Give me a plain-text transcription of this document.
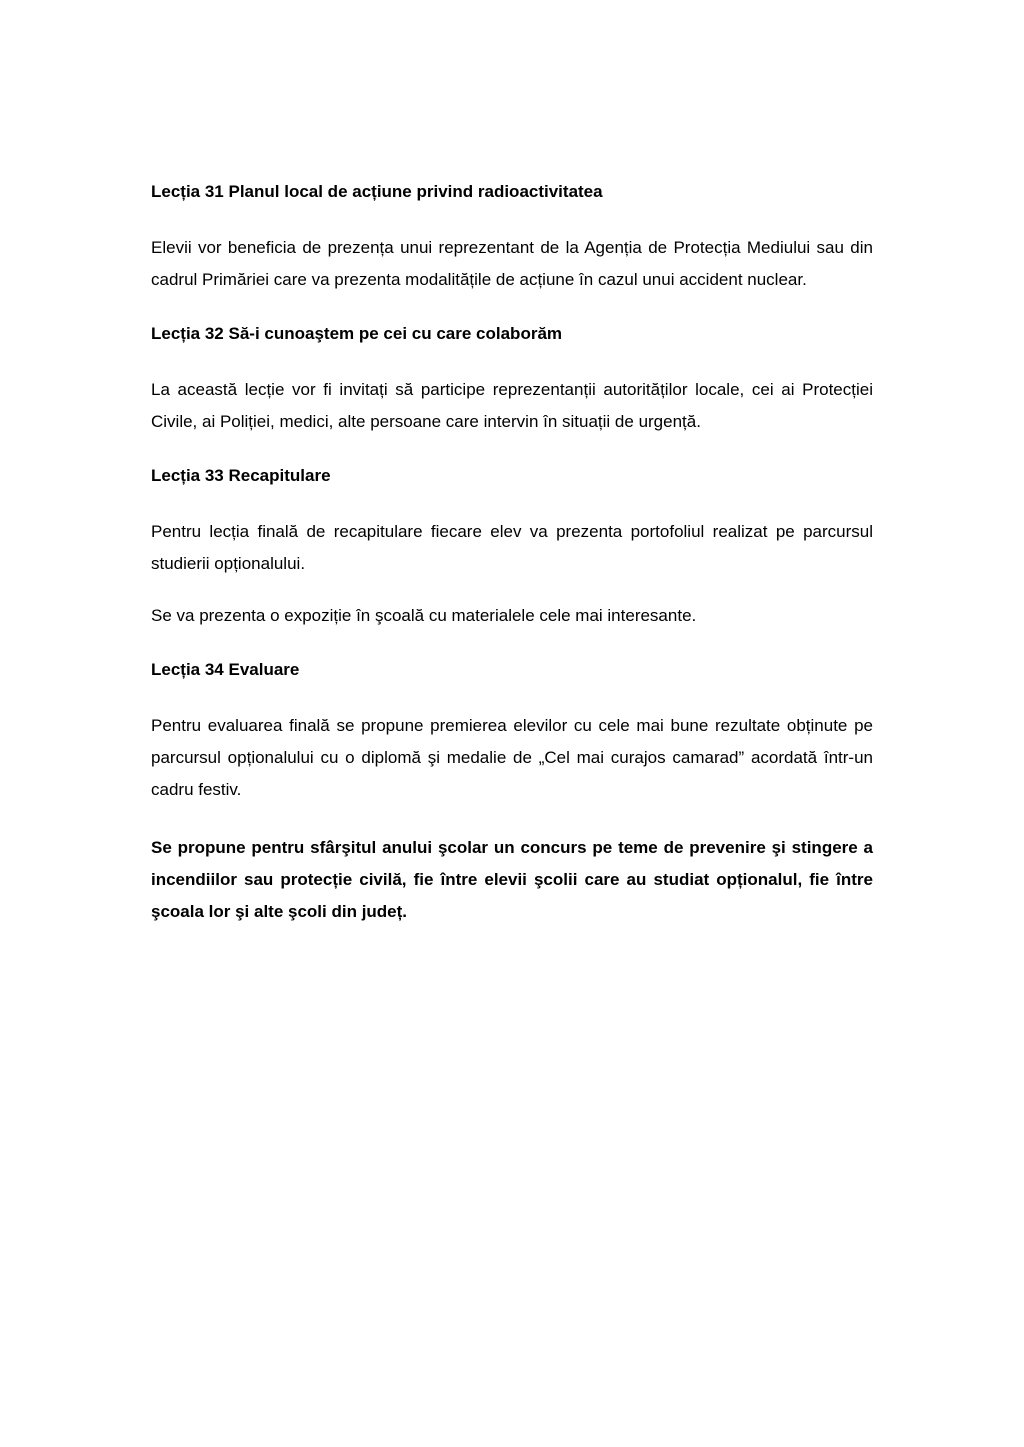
Lecția 31 Planul local de acțiune privind radioactivitatea

Elevii vor beneficia de prezența unui reprezentant de la Agenția de Protecția Mediului sau din cadrul Primăriei care va prezenta modalitățile de acțiune în cazul unui accident nuclear.

Lecția 32 Să-i cunoaştem pe cei cu care colaborăm

La această lecție vor fi invitați să participe reprezentanții autorităților locale, cei ai Protecției Civile, ai Poliției, medici, alte persoane care intervin în situații de urgență.

Lecția 33 Recapitulare

Pentru lecția finală de recapitulare fiecare elev va prezenta portofoliul realizat pe parcursul studierii opționalului.

Se va prezenta o expoziție în şcoală cu materialele cele mai interesante.

Lecția 34 Evaluare

Pentru evaluarea finală se propune premierea elevilor cu cele mai bune rezultate obținute pe parcursul opționalului cu o diplomă şi medalie de „Cel mai curajos camarad” acordată într-un cadru festiv.

Se propune pentru sfârşitul anului şcolar un concurs pe teme de prevenire şi stingere a incendiilor sau protecție civilă, fie între elevii şcolii care au studiat opționalul, fie între şcoala lor şi alte şcoli din județ.
